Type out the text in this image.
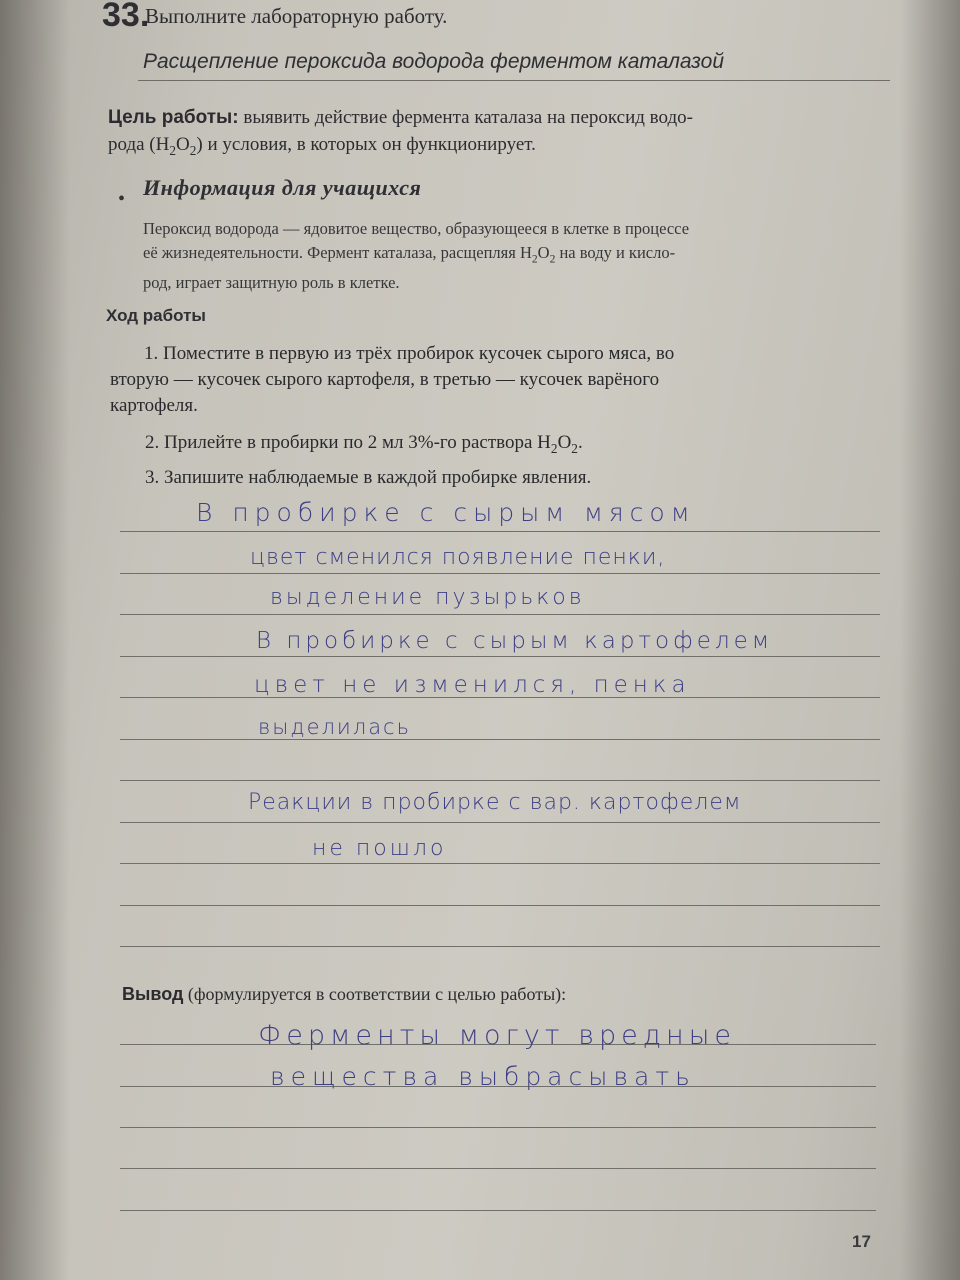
33.
Выполните лабораторную работу.
Расщепление пероксида водорода ферментом каталазой
Цель работы: выявить действие фермента каталаза на пероксид водо-
рода $(H_2O_2)$ и условия, в которых он функционирует.
• Информация для учащихся
Пероксид водорода — ядовитое вещество, образующееся в клетке в процессе
её жизнедеятельности. Фермент каталаза, расщепляя $H_2O_2$ на воду и кисло-
род, играет защитную роль в клетке.
Ход работы
1. Поместите в первую из трёх пробирок кусочек сырого мяса, во
вторую — кусочек сырого картофеля, в третью — кусочек варёного
картофеля.
2. Прилейте в пробирки по 2 мл 3%-го раствора $H_2O_2$.
3. Запишите наблюдаемые в каждой пробирке явления.
В пробирке с сырым мясом
цвет сменился появление пенки,
выделение пузырьков
В пробирке с сырым картофелем
цвет не изменился, пенка
выделилась
Реакции в пробирке с вар. картофелем
не пошло
Вывод (формулируется в соответствии с целью работы):
Ферменты могут вредные
вещества выбрасывать
17
